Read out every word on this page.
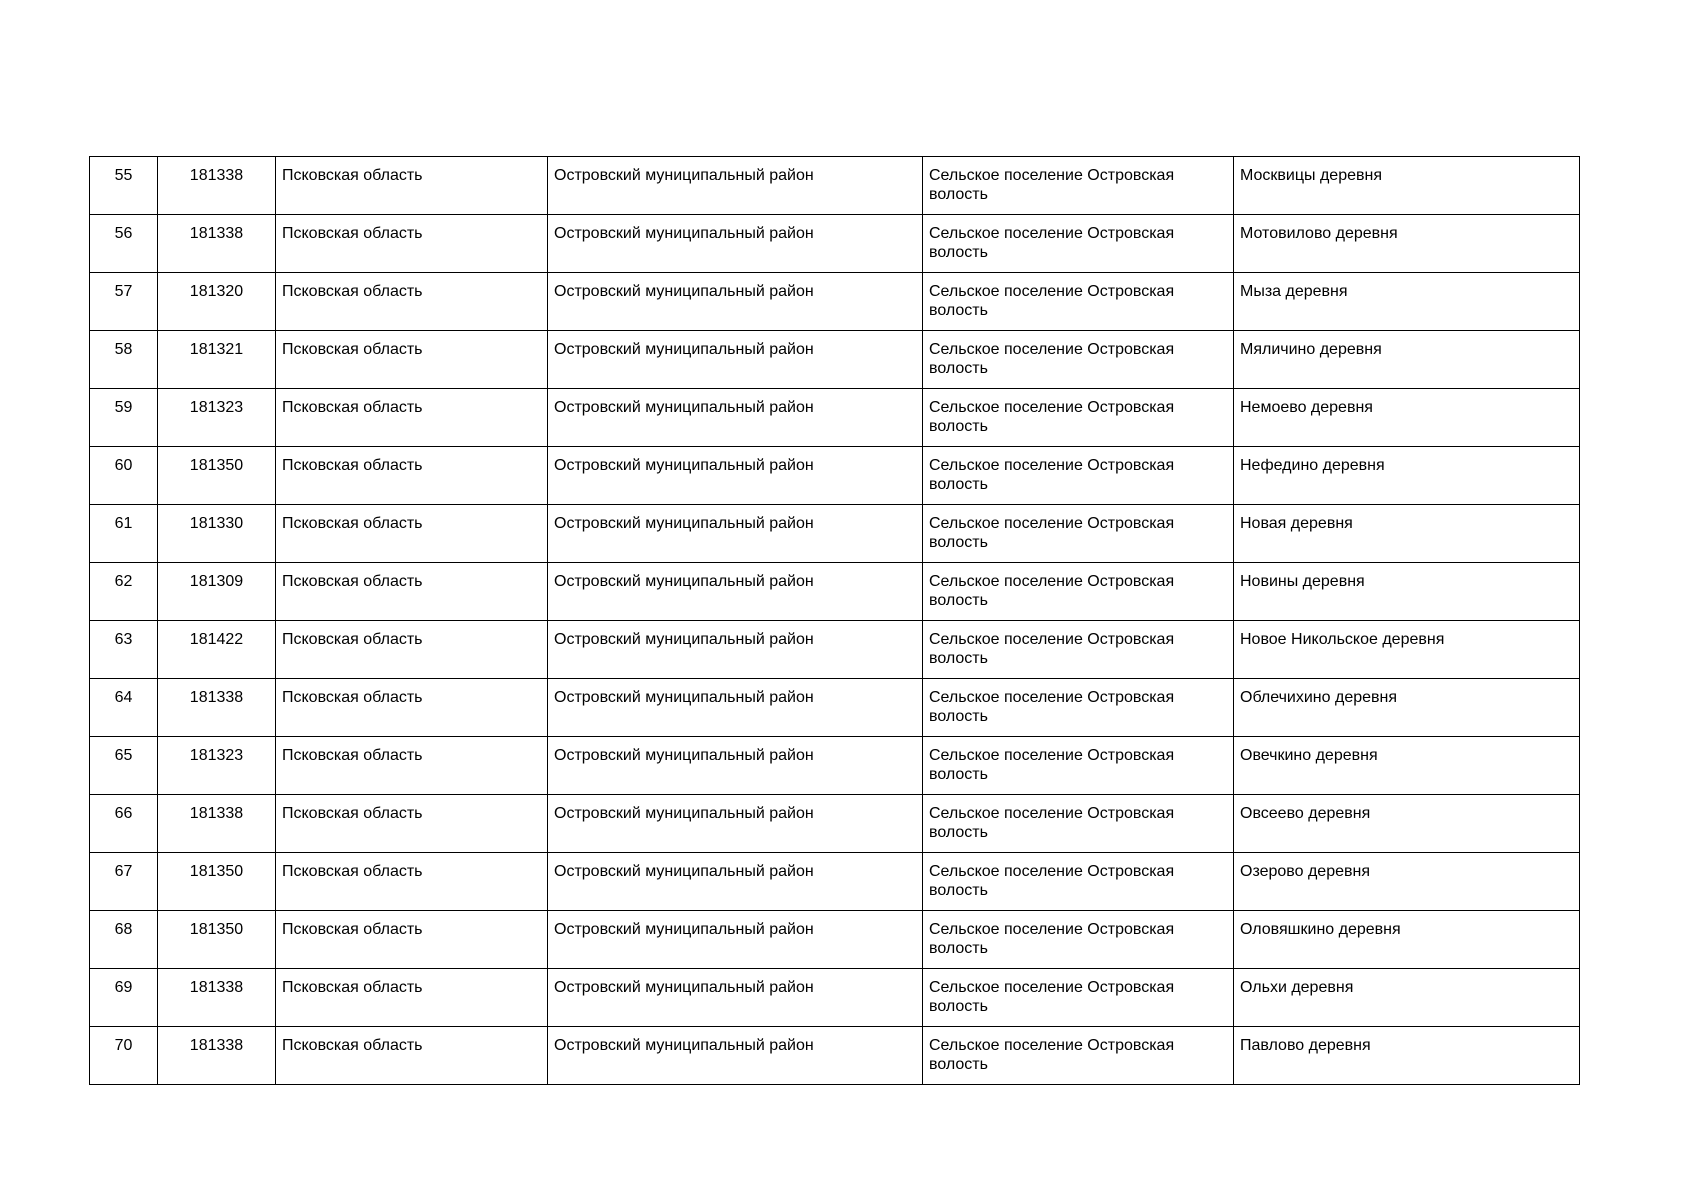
55	181338	Псковская область	Островский муниципальный район	Сельское поселение Островская волость	Москвицы деревня
56	181338	Псковская область	Островский муниципальный район	Сельское поселение Островская волость	Мотовилово деревня
57	181320	Псковская область	Островский муниципальный район	Сельское поселение Островская волость	Мыза деревня
58	181321	Псковская область	Островский муниципальный район	Сельское поселение Островская волость	Мяличино деревня
59	181323	Псковская область	Островский муниципальный район	Сельское поселение Островская волость	Немоево деревня
60	181350	Псковская область	Островский муниципальный район	Сельское поселение Островская волость	Нефедино деревня
61	181330	Псковская область	Островский муниципальный район	Сельское поселение Островская волость	Новая деревня
62	181309	Псковская область	Островский муниципальный район	Сельское поселение Островская волость	Новины деревня
63	181422	Псковская область	Островский муниципальный район	Сельское поселение Островская волость	Новое Никольское деревня
64	181338	Псковская область	Островский муниципальный район	Сельское поселение Островская волость	Облечихино деревня
65	181323	Псковская область	Островский муниципальный район	Сельское поселение Островская волость	Овечкино деревня
66	181338	Псковская область	Островский муниципальный район	Сельское поселение Островская волость	Овсеево деревня
67	181350	Псковская область	Островский муниципальный район	Сельское поселение Островская волость	Озерово деревня
68	181350	Псковская область	Островский муниципальный район	Сельское поселение Островская волость	Оловяшкино деревня
69	181338	Псковская область	Островский муниципальный район	Сельское поселение Островская волость	Ольхи деревня
70	181338	Псковская область	Островский муниципальный район	Сельское поселение Островская волость	Павлово деревня
